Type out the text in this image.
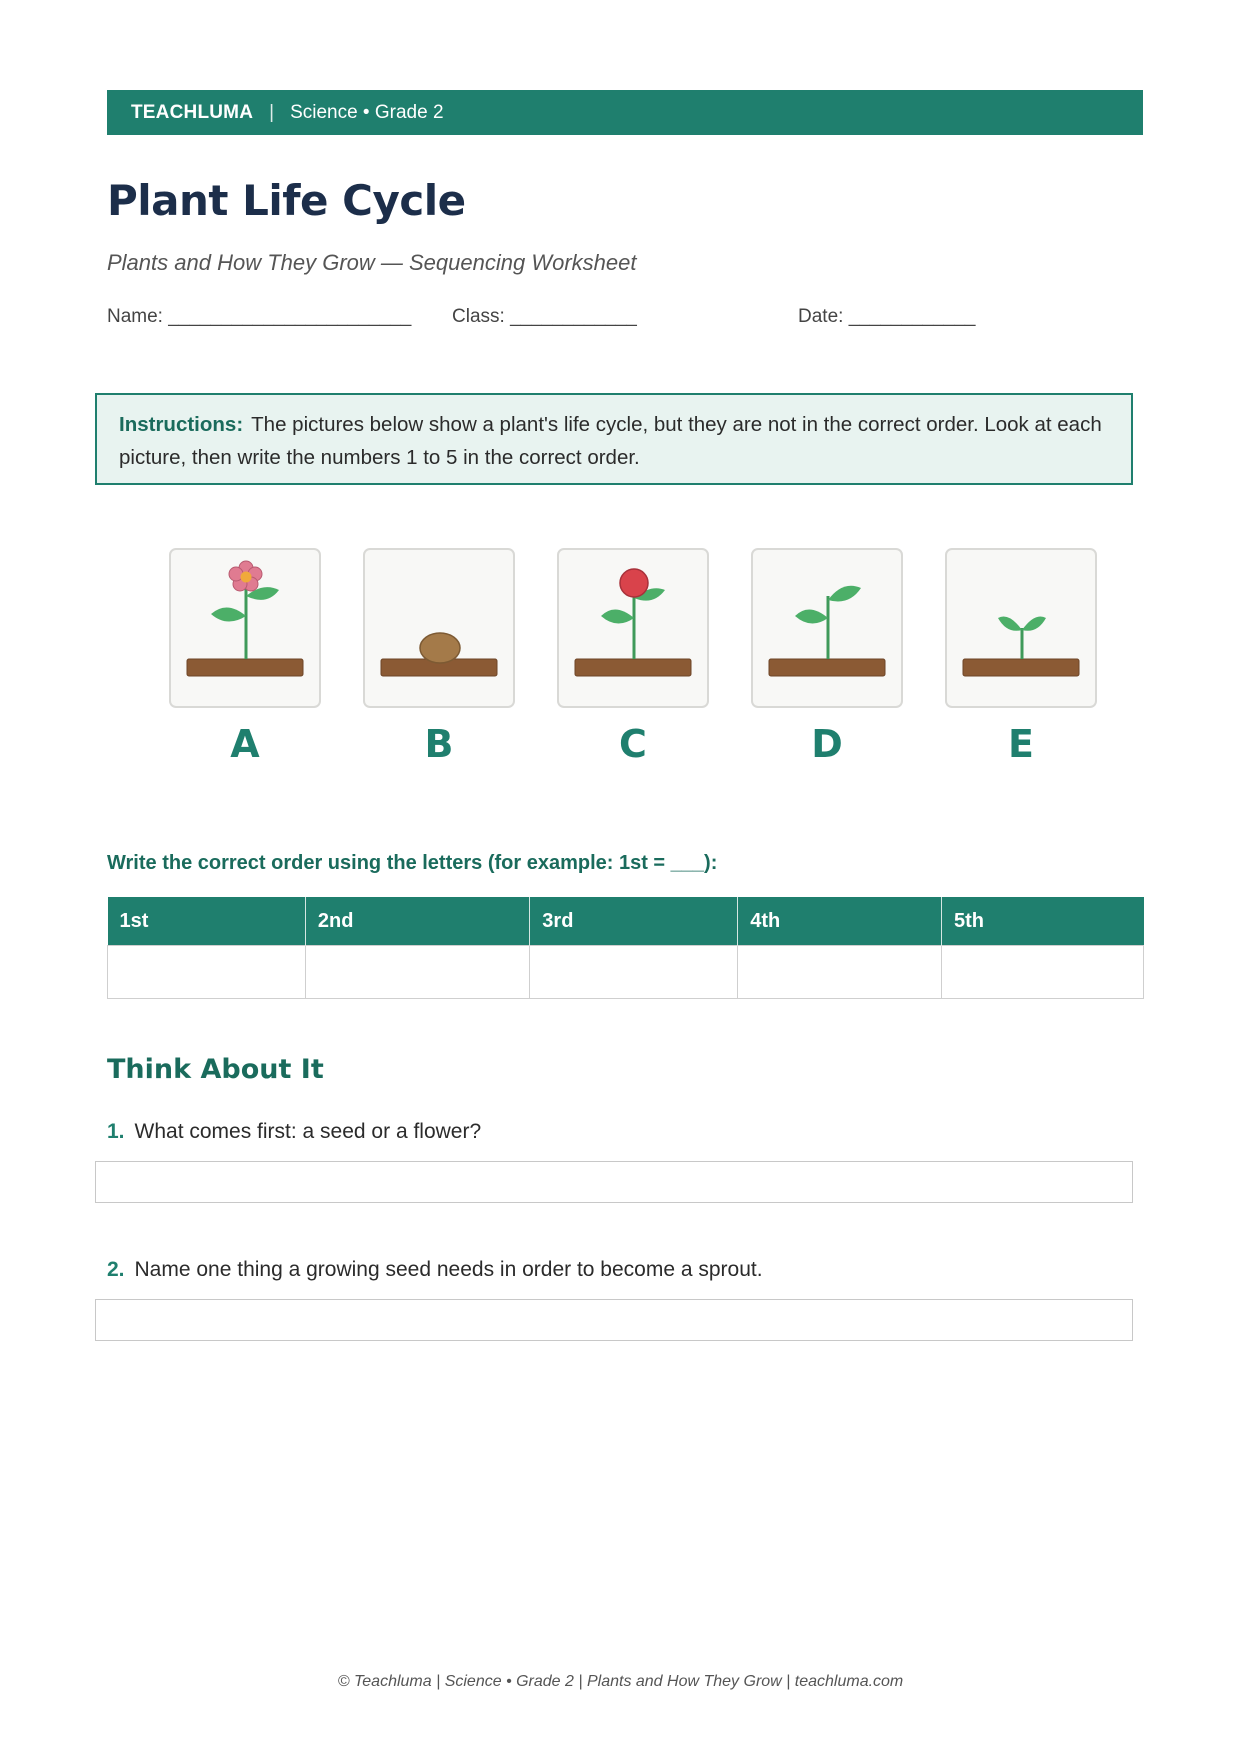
TEACHLUMA | Science • Grade 2
Plant Life Cycle
Plants and How They Grow — Sequencing Worksheet
Name: _______________________ Class: ____________	Date: ____________
Instructions: The pictures below show a plant's life cycle, but they are not in the correct order. Look at each picture, then write the numbers 1 to 5 in the correct order.
A	B	C	D	E
Write the correct order using the letters (for example: 1st = ___):
1st	2nd	3rd	4th	5th

Think About It
1. What comes first: a seed or a flower?
2. Name one thing a growing seed needs in order to become a sprout.
© Teachluma | Science • Grade 2 | Plants and How They Grow | teachluma.com
